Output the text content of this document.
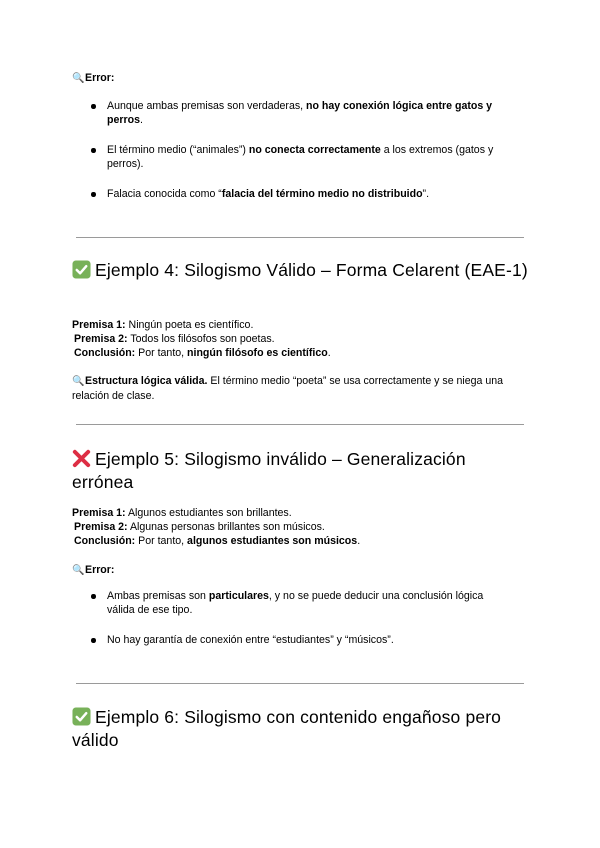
🔍Error:
Aunque ambas premisas son verdaderas, no hay conexión lógica entre gatos y perros.
El término medio (“animales”) no conecta correctamente a los extremos (gatos y perros).
Falacia conocida como “falacia del término medio no distribuido”.
Ejemplo 4: Silogismo Válido – Forma Celarent (EAE-1)
Premisa 1: Ningún poeta es científico.
Premisa 2: Todos los filósofos son poetas.
Conclusión: Por tanto, ningún filósofo es científico.
🔍Estructura lógica válida. El término medio “poeta” se usa correctamente y se niega una relación de clase.
Ejemplo 5: Silogismo inválido – Generalización errónea
Premisa 1: Algunos estudiantes son brillantes.
Premisa 2: Algunas personas brillantes son músicos.
Conclusión: Por tanto, algunos estudiantes son músicos.
🔍Error:
Ambas premisas son particulares, y no se puede deducir una conclusión lógica válida de ese tipo.
No hay garantía de conexión entre “estudiantes” y “músicos”.
Ejemplo 6: Silogismo con contenido engañoso pero válido
